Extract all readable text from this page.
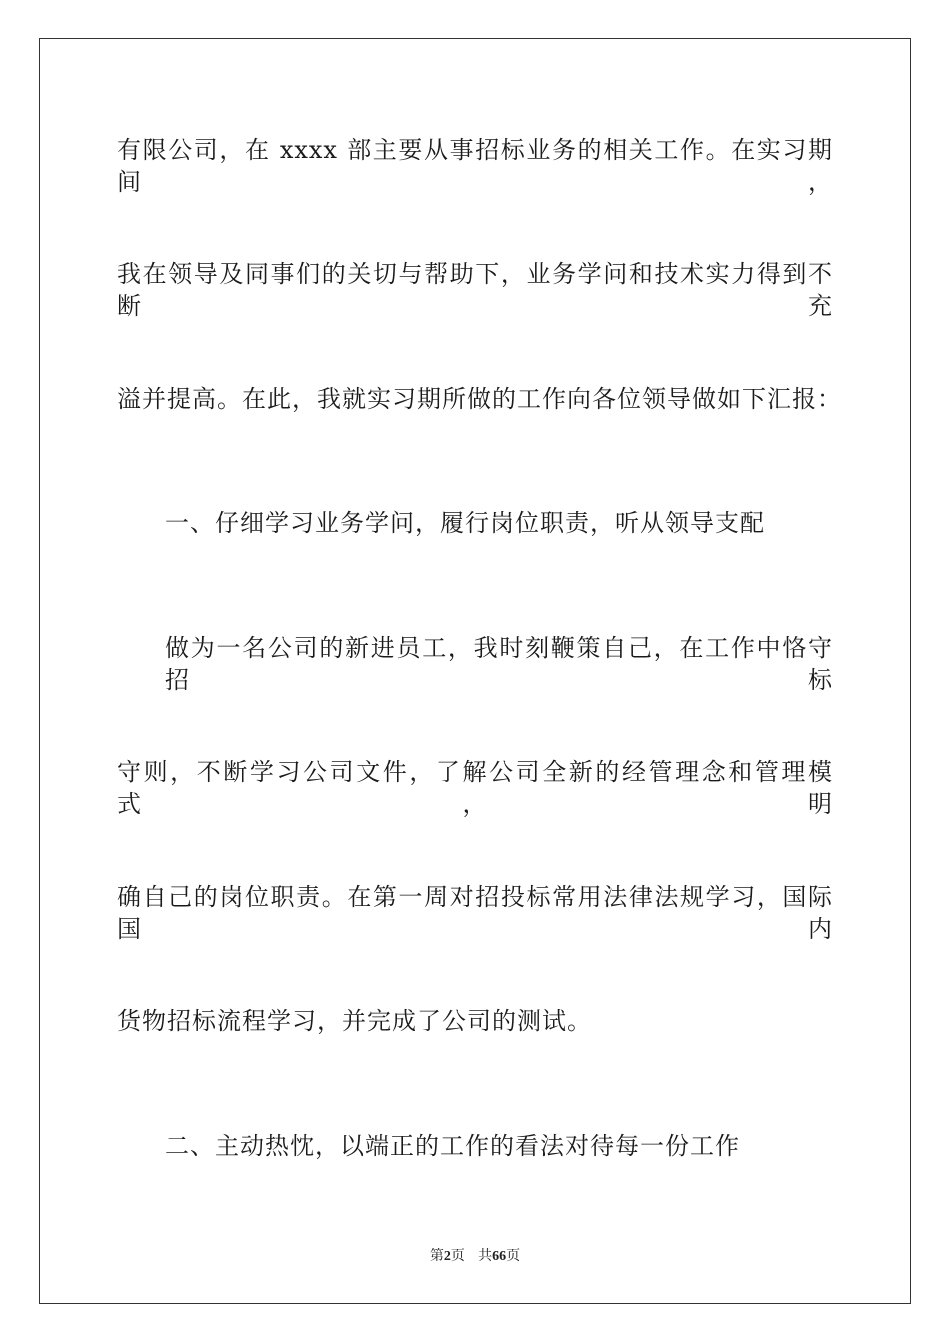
有限公司，在 xxxx 部主要从事招标业务的相关工作。在实习期间，
我在领导及同事们的关切与帮助下，业务学问和技术实力得到不断充
溢并提高。在此，我就实习期所做的工作向各位领导做如下汇报：
一、仔细学习业务学问，履行岗位职责，听从领导支配
做为一名公司的新进员工，我时刻鞭策自己，在工作中恪守招标
守则，不断学习公司文件，了解公司全新的经管理念和管理模式，明
确自己的岗位职责。在第一周对招投标常用法律法规学习，国际国内
货物招标流程学习，并完成了公司的测试。
二、主动热忱，以端正的工作的看法对待每一份工作
第2页 共66页
